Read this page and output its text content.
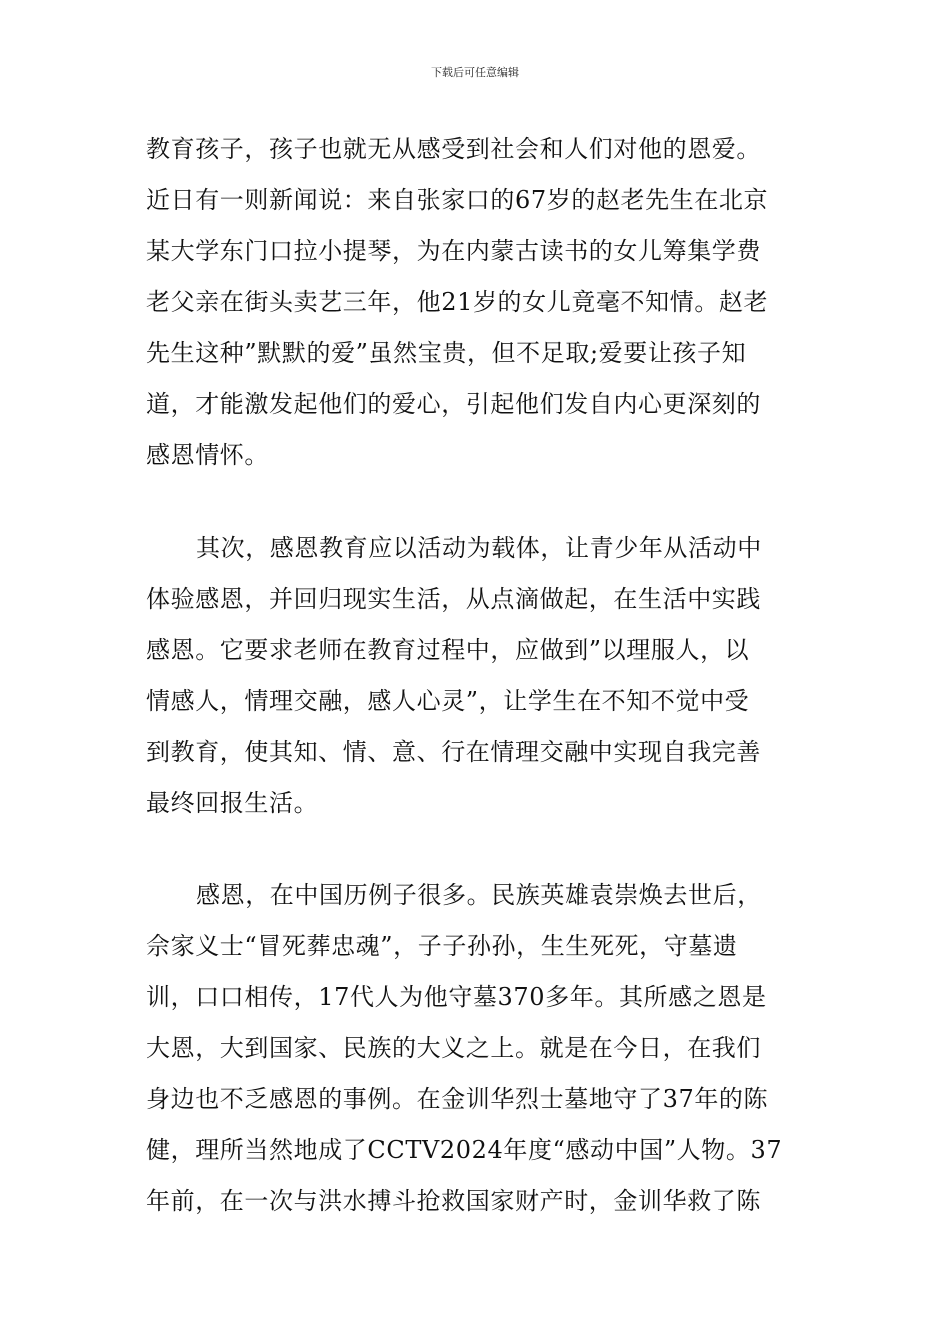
下载后可任意编辑
教育孩子，孩子也就无从感受到社会和人们对他的恩爱。
近日有一则新闻说：来自张家口的67岁的赵老先生在北京
某大学东门口拉小提琴，为在内蒙古读书的女儿筹集学费
老父亲在街头卖艺三年，他21岁的女儿竟毫不知情。赵老
先生这种”默默的爱”虽然宝贵，但不足取;爱要让孩子知
道，才能激发起他们的爱心，引起他们发自内心更深刻的
感恩情怀。
其次，感恩教育应以活动为载体，让青少年从活动中
体验感恩，并回归现实生活，从点滴做起，在生活中实践
感恩。它要求老师在教育过程中，应做到”以理服人，以
情感人，情理交融，感人心灵”，让学生在不知不觉中受
到教育，使其知、情、意、行在情理交融中实现自我完善
最终回报生活。
感恩，在中国历例子很多。民族英雄袁崇焕去世后，
佘家义士“冒死葬忠魂”，子子孙孙，生生死死，守墓遗
训，口口相传，17代人为他守墓370多年。其所感之恩是
大恩，大到国家、民族的大义之上。就是在今日，在我们
身边也不乏感恩的事例。在金训华烈士墓地守了37年的陈
健，理所当然地成了CCTV2024年度“感动中国”人物。37
年前，在一次与洪水搏斗抢救国家财产时，金训华救了陈
